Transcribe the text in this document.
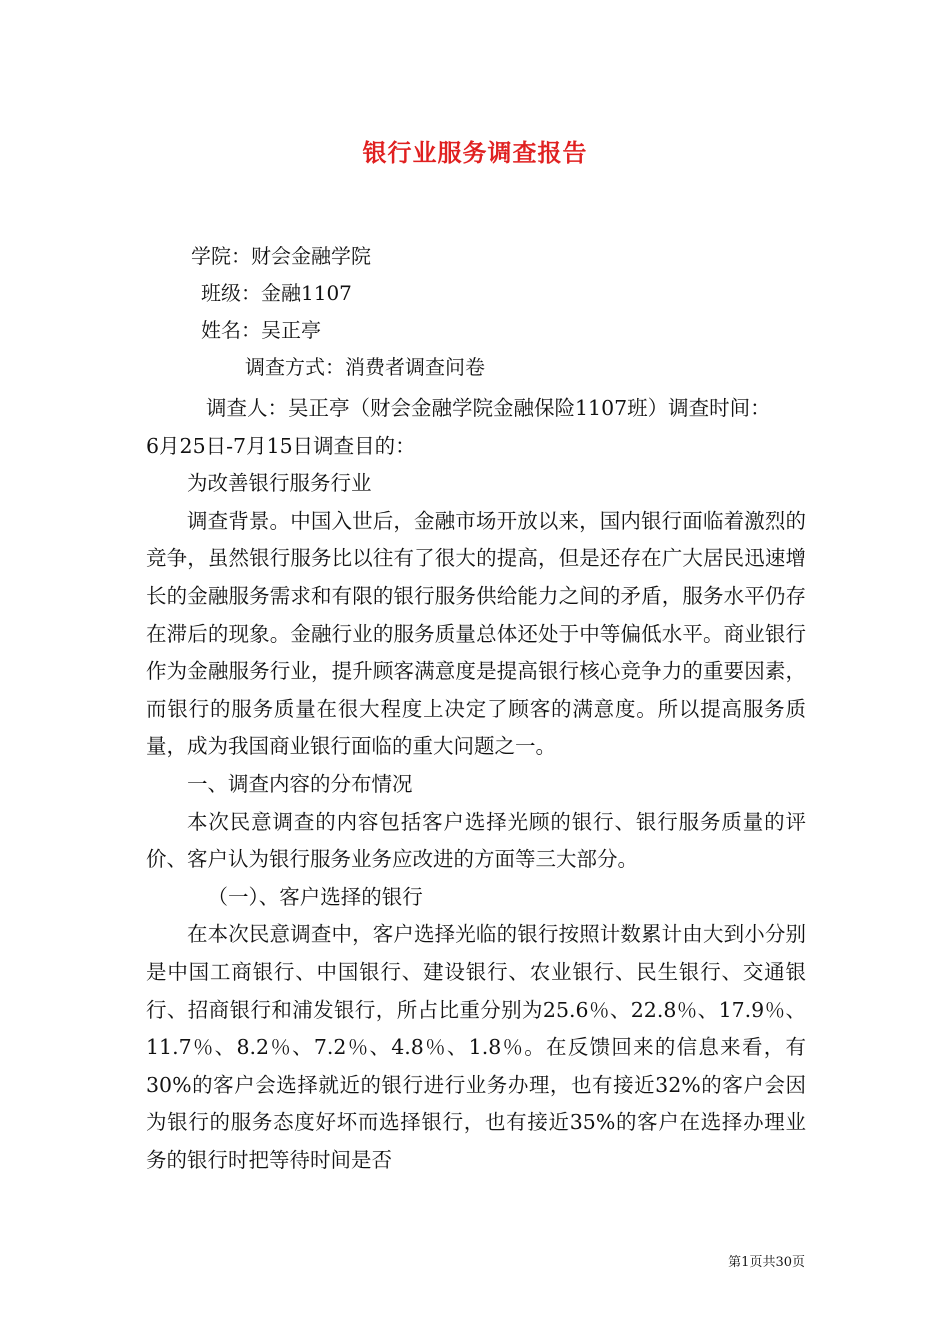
银行业服务调查报告
学院：财会金融学院
班级：金融1107
姓名：吴正亭
调查方式：消费者调查问卷

调查人：吴正亭（财会金融学院金融保险1107班）调查时间：

6月25日-7月15日调查目的：

为改善银行服务行业

调查背景。中国入世后，金融市场开放以来，国内银行面临着激烈的竞争，虽然银行服务比以往有了很大的提高，但是还存在广大居民迅速增长的金融服务需求和有限的银行服务供给能力之间的矛盾，服务水平仍存在滞后的现象。金融行业的服务质量总体还处于中等偏低水平。商业银行作为金融服务行业，提升顾客满意度是提高银行核心竞争力的重要因素，而银行的服务质量在很大程度上决定了顾客的满意度。所以提高服务质量，成为我国商业银行面临的重大问题之一。

一、调查内容的分布情况

本次民意调查的内容包括客户选择光顾的银行、银行服务质量的评价、客户认为银行服务业务应改进的方面等三大部分。

（一）、客户选择的银行

在本次民意调查中，客户选择光临的银行按照计数累计由大到小分别是中国工商银行、中国银行、建设银行、农业银行、民生银行、交通银行、招商银行和浦发银行，所占比重分别为25.6％、22.8％、17.9％、11.7％、8.2％、7.2％、4.8％、1.8％。在反馈回来的信息来看，有30%的客户会选择就近的银行进行业务办理，也有接近32%的客户会因为银行的服务态度好坏而选择银行，也有接近35%的客户在选择办理业务的银行时把等待时间是否

第1页共30页
